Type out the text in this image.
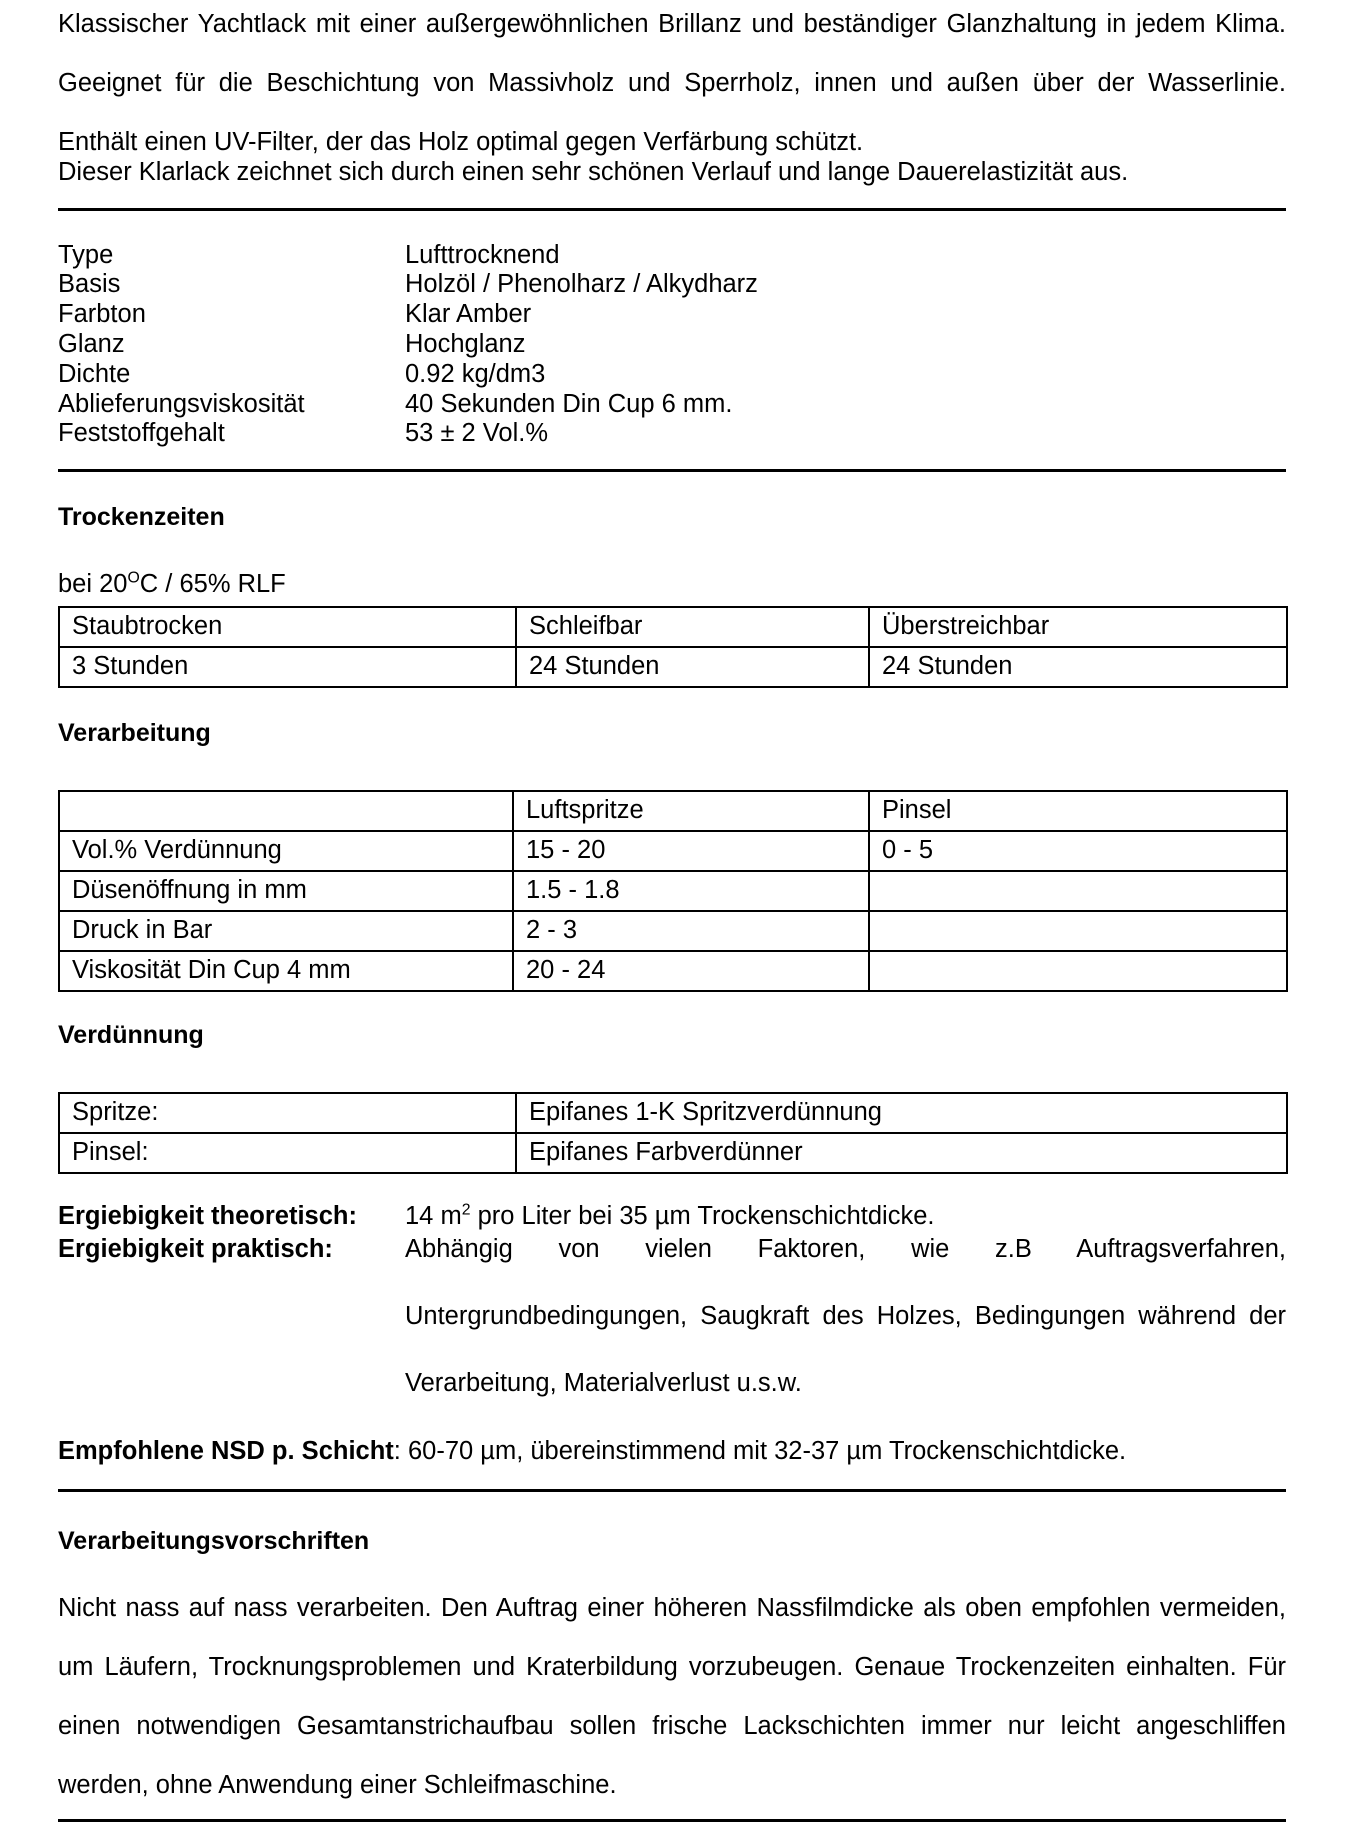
Klassischer Yachtlack mit einer außergewöhnlichen Brillanz und beständiger Glanzhaltung in jedem Klima.
Geeignet für die Beschichtung von Massivholz und Sperrholz, innen und außen über der Wasserlinie.
Enthält einen UV-Filter, der das Holz optimal gegen Verfärbung schützt.
Dieser Klarlack zeichnet sich durch einen sehr schönen Verlauf und lange Dauerelastizität aus.
Type	Lufttrocknend
Basis	Holzöl / Phenolharz / Alkydharz
Farbton	Klar Amber
Glanz	Hochglanz
Dichte	0.92 kg/dm3
Ablieferungsviskosität	40 Sekunden Din Cup 6 mm.
Feststoffgehalt	53 ± 2 Vol.%
Trockenzeiten
bei $20^OC / 65\%$ RLF
Staubtrocken	Schleifbar	Überstreichbar
3 Stunden	24 Stunden	24 Stunden
Verarbeitung
	Luftspritze	Pinsel
Vol.% Verdünnung	15 - 20	0 - 5
Düsenöffnung in mm	1.5 - 1.8	
Druck in Bar	2 - 3	
Viskosität Din Cup 4 mm	20 - 24	
Verdünnung
Spritze:	Epifanes 1-K Spritzverdünnung
Pinsel:	Epifanes Farbverdünner
Ergiebigkeit theoretisch:	14 $m^2$ pro Liter bei 35 µm Trockenschichtdicke.
Ergiebigkeit praktisch:	Abhängig von vielen Faktoren, wie z.B Auftragsverfahren,
Untergrundbedingungen, Saugkraft des Holzes, Bedingungen während der
Verarbeitung, Materialverlust u.s.w.
Empfohlene NSD p. Schicht: 60-70 µm, übereinstimmend mit 32-37 µm Trockenschichtdicke.
Verarbeitungsvorschriften
Nicht nass auf nass verarbeiten. Den Auftrag einer höheren Nassfilmdicke als oben empfohlen vermeiden,
um Läufern, Trocknungsproblemen und Kraterbildung vorzubeugen. Genaue Trockenzeiten einhalten. Für
einen notwendigen Gesamtanstrichaufbau sollen frische Lackschichten immer nur leicht angeschliffen
werden, ohne Anwendung einer Schleifmaschine.
